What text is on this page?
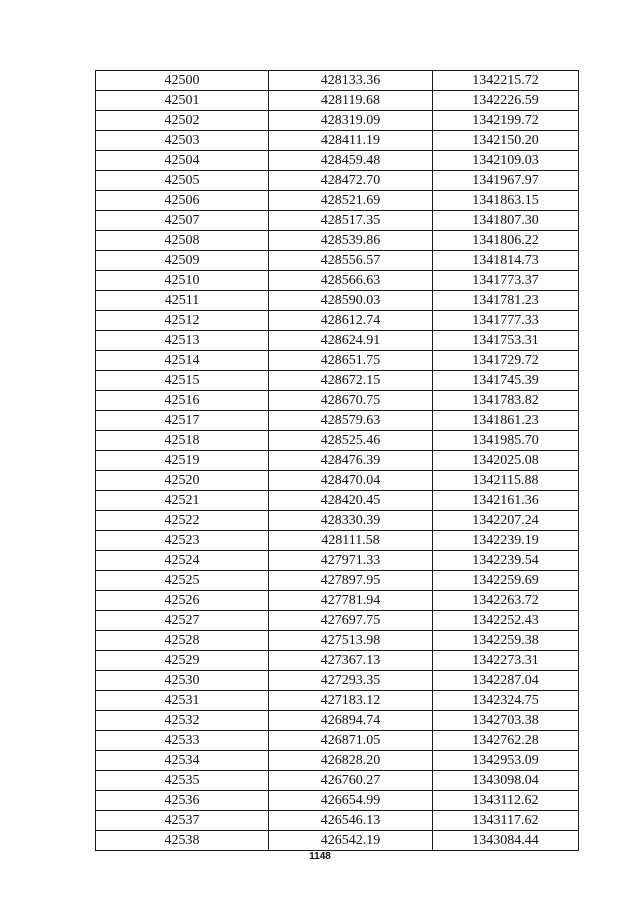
42500	428133.36	1342215.72
42501	428119.68	1342226.59
42502	428319.09	1342199.72
42503	428411.19	1342150.20
42504	428459.48	1342109.03
42505	428472.70	1341967.97
42506	428521.69	1341863.15
42507	428517.35	1341807.30
42508	428539.86	1341806.22
42509	428556.57	1341814.73
42510	428566.63	1341773.37
42511	428590.03	1341781.23
42512	428612.74	1341777.33
42513	428624.91	1341753.31
42514	428651.75	1341729.72
42515	428672.15	1341745.39
42516	428670.75	1341783.82
42517	428579.63	1341861.23
42518	428525.46	1341985.70
42519	428476.39	1342025.08
42520	428470.04	1342115.88
42521	428420.45	1342161.36
42522	428330.39	1342207.24
42523	428111.58	1342239.19
42524	427971.33	1342239.54
42525	427897.95	1342259.69
42526	427781.94	1342263.72
42527	427697.75	1342252.43
42528	427513.98	1342259.38
42529	427367.13	1342273.31
42530	427293.35	1342287.04
42531	427183.12	1342324.75
42532	426894.74	1342703.38
42533	426871.05	1342762.28
42534	426828.20	1342953.09
42535	426760.27	1343098.04
42536	426654.99	1343112.62
42537	426546.13	1343117.62
42538	426542.19	1343084.44
1148
